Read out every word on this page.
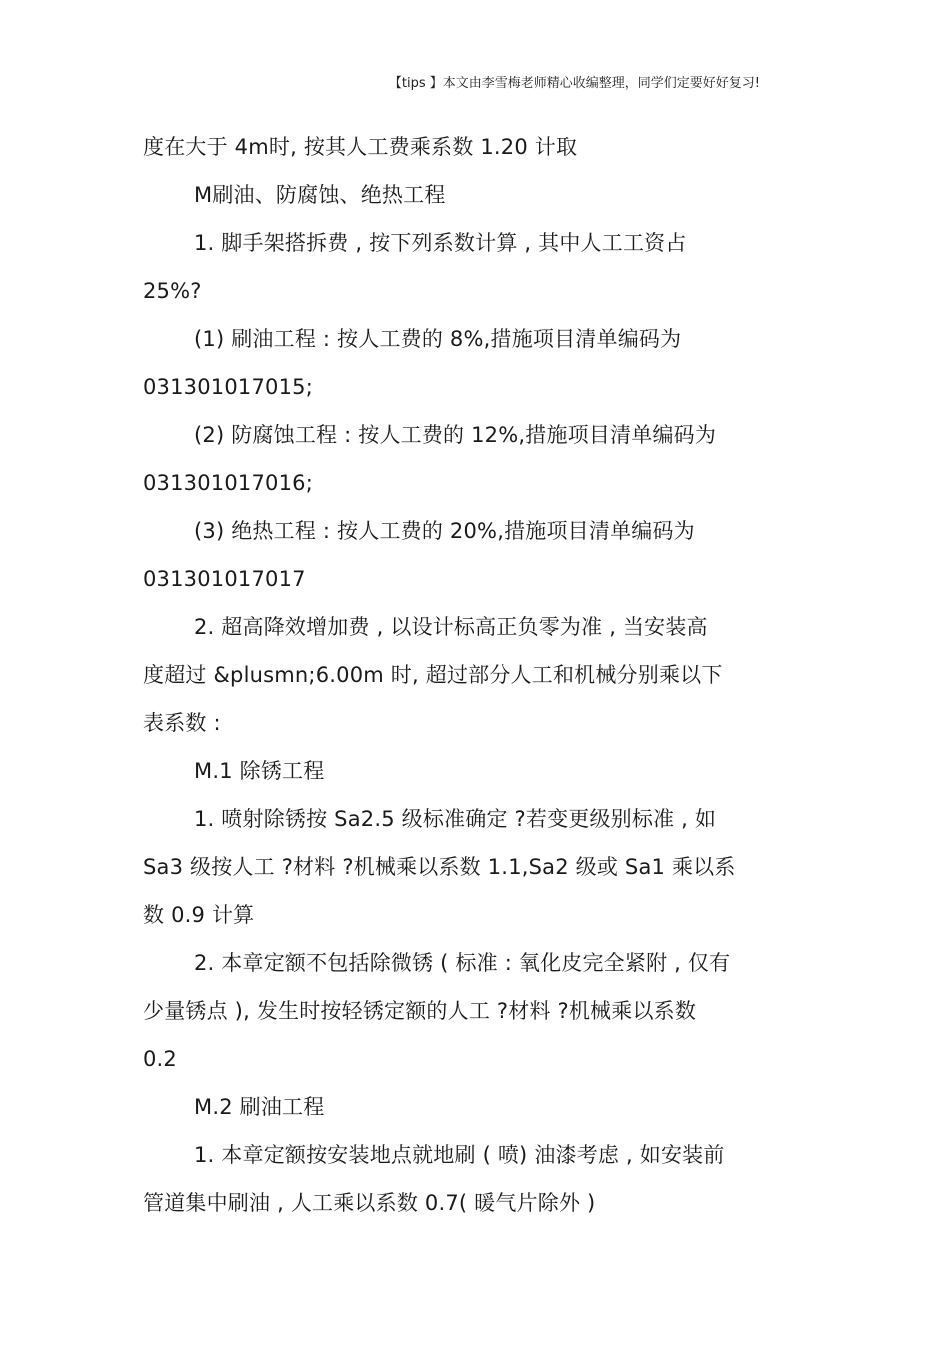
【tips 】本文由李雪梅老师精心收编整理，同学们定要好好复习!
度在大于 4m时, 按其人工费乘系数 1.20 计取
M刷油、防腐蚀、绝热工程
1. 脚手架搭拆费 , 按下列系数计算 , 其中人工工资占
25%?
(1) 刷油工程 : 按人工费的 8%,措施项目清单编码为
031301017015;
(2) 防腐蚀工程 : 按人工费的 12%,措施项目清单编码为
031301017016;
(3) 绝热工程 : 按人工费的 20%,措施项目清单编码为
031301017017
2. 超高降效增加费 , 以设计标高正负零为准 , 当安装高
度超过 &plusmn;6.00m 时, 超过部分人工和机械分别乘以下
表系数 :
M.1 除锈工程
1. 喷射除锈按 Sa2.5 级标准确定 ?若变更级别标准 , 如
Sa3 级按人工 ?材料 ?机械乘以系数 1.1,Sa2 级或 Sa1 乘以系
数 0.9 计算
2. 本章定额不包括除微锈 ( 标准 : 氧化皮完全紧附 , 仅有
少量锈点 ), 发生时按轻锈定额的人工 ?材料 ?机械乘以系数
0.2
M.2 刷油工程
1. 本章定额按安装地点就地刷 ( 喷) 油漆考虑 , 如安装前
管道集中刷油 , 人工乘以系数 0.7( 暖气片除外 )
